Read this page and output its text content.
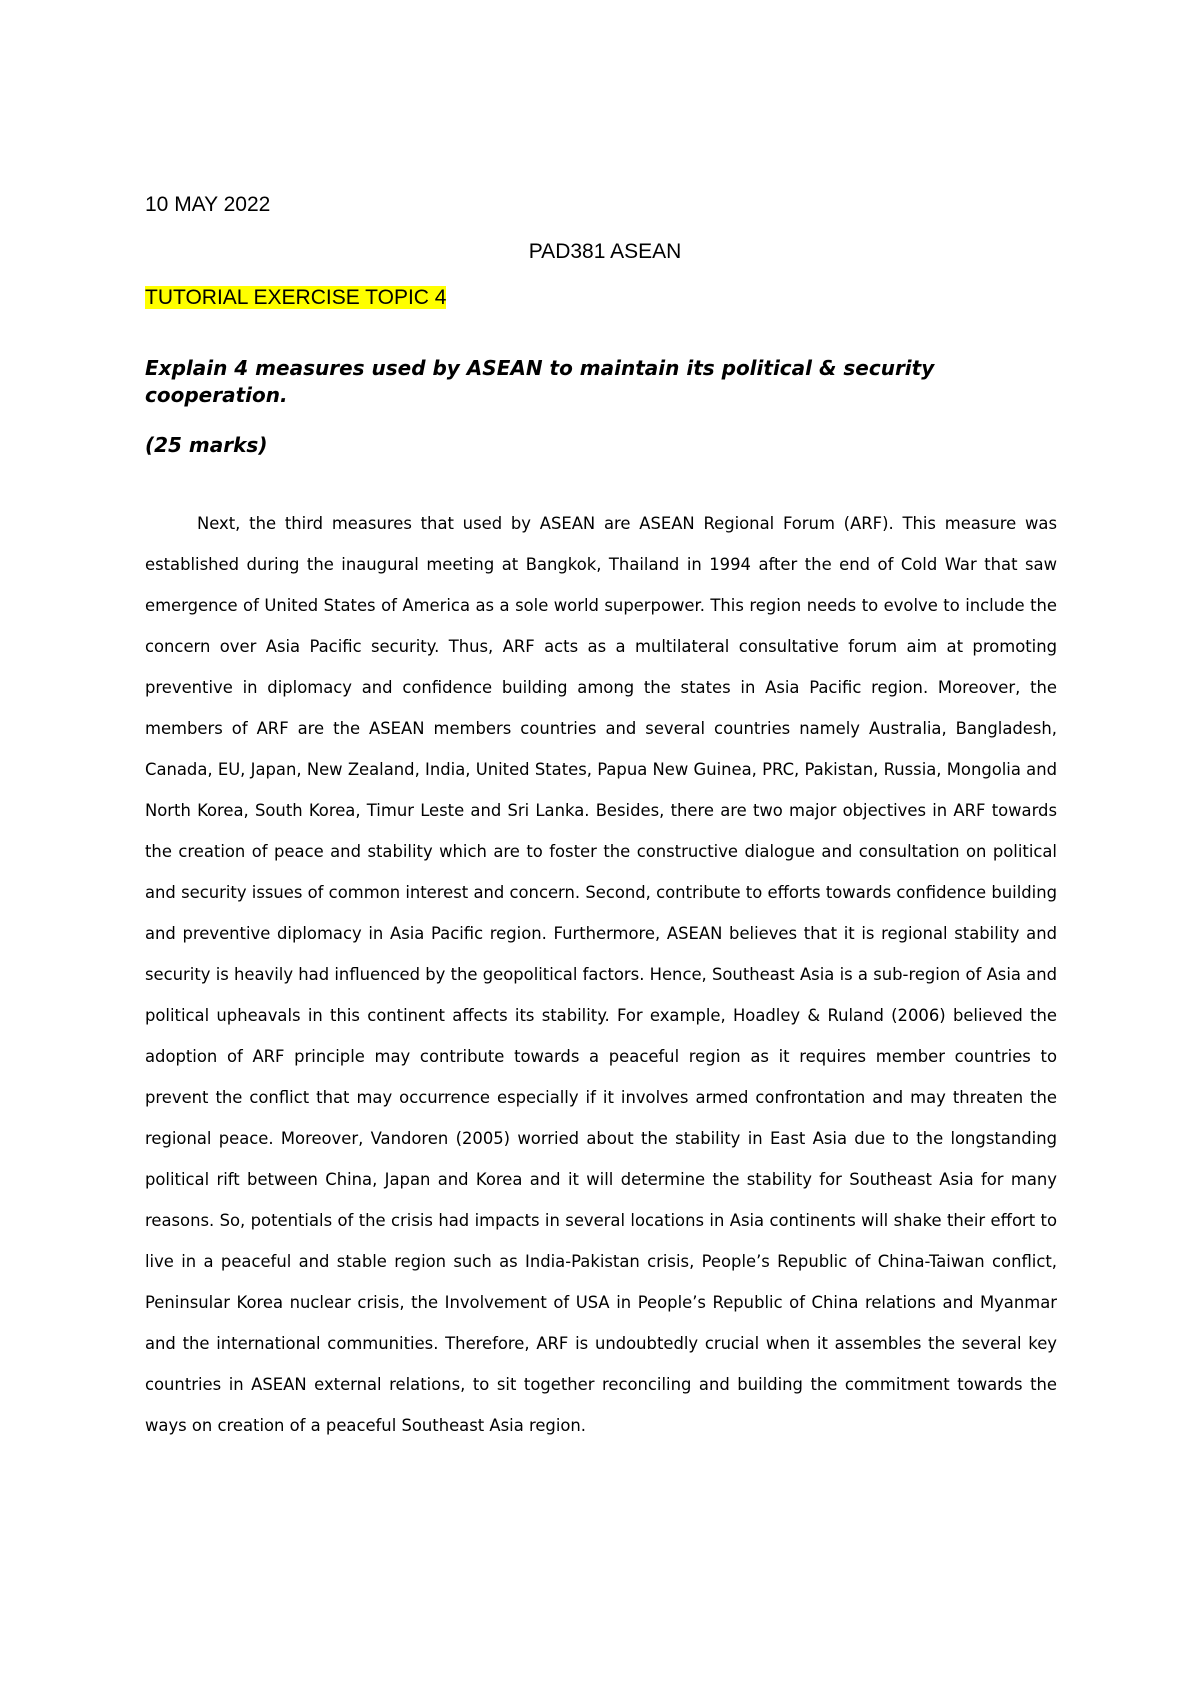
10 MAY 2022

PAD381 ASEAN

TUTORIAL EXERCISE TOPIC 4

Explain 4 measures used by ASEAN to maintain its political & security cooperation.

(25 marks)

Next, the third measures that used by ASEAN are ASEAN Regional Forum (ARF). This measure was established during the inaugural meeting at Bangkok, Thailand in 1994 after the end of Cold War that saw emergence of United States of America as a sole world superpower. This region needs to evolve to include the concern over Asia Pacific security. Thus, ARF acts as a multilateral consultative forum aim at promoting preventive in diplomacy and confidence building among the states in Asia Pacific region. Moreover, the members of ARF are the ASEAN members countries and several countries namely Australia, Bangladesh, Canada, EU, Japan, New Zealand, India, United States, Papua New Guinea, PRC, Pakistan, Russia, Mongolia and North Korea, South Korea, Timur Leste and Sri Lanka. Besides, there are two major objectives in ARF towards the creation of peace and stability which are to foster the constructive dialogue and consultation on political and security issues of common interest and concern. Second, contribute to efforts towards confidence building and preventive diplomacy in Asia Pacific region. Furthermore, ASEAN believes that it is regional stability and security is heavily had influenced by the geopolitical factors. Hence, Southeast Asia is a sub-region of Asia and political upheavals in this continent affects its stability. For example, Hoadley & Ruland (2006) believed the adoption of ARF principle may contribute towards a peaceful region as it requires member countries to prevent the conflict that may occurrence especially if it involves armed confrontation and may threaten the regional peace. Moreover, Vandoren (2005) worried about the stability in East Asia due to the longstanding political rift between China, Japan and Korea and it will determine the stability for Southeast Asia for many reasons. So, potentials of the crisis had impacts in several locations in Asia continents will shake their effort to live in a peaceful and stable region such as India-Pakistan crisis, People’s Republic of China-Taiwan conflict, Peninsular Korea nuclear crisis, the Involvement of USA in People’s Republic of China relations and Myanmar and the international communities. Therefore, ARF is undoubtedly crucial when it assembles the several key countries in ASEAN external relations, to sit together reconciling and building the commitment towards the ways on creation of a peaceful Southeast Asia region.
